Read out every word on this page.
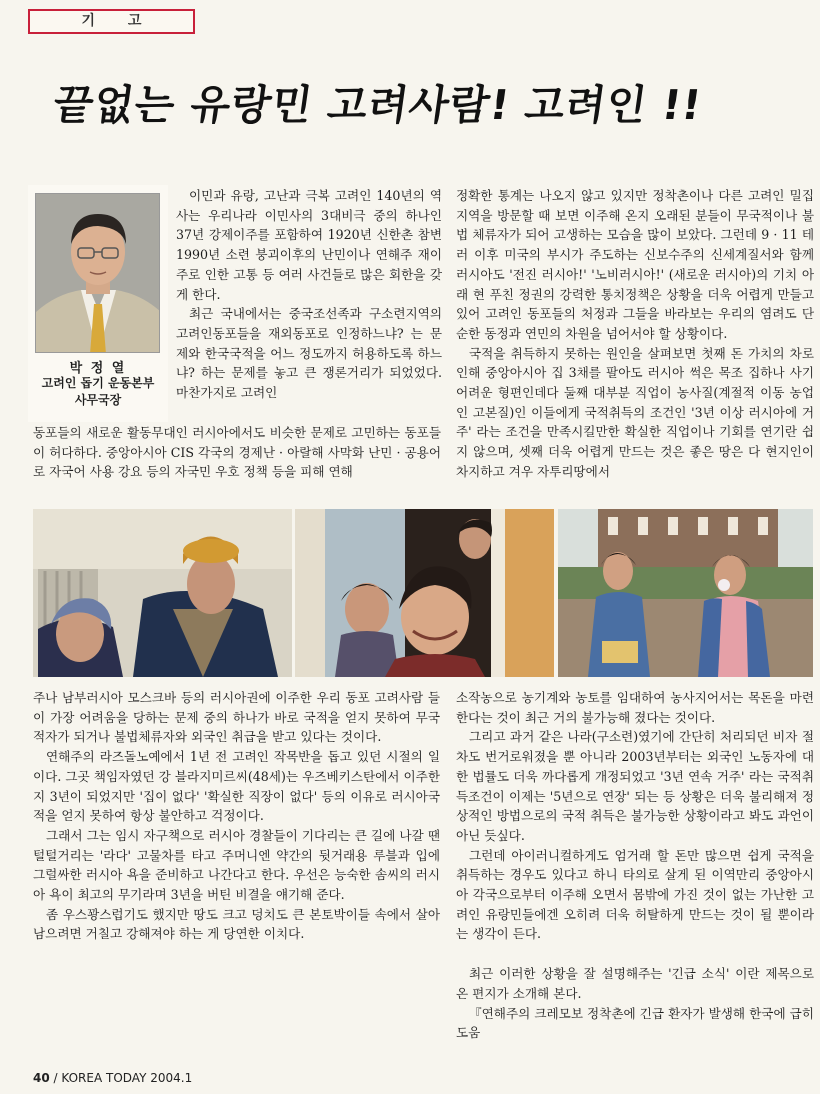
기 고
끝없는 유랑민 고려사람! 고려인 !!
박 정 열
고려인 돕기 운동본부
사무국장

이민과 유랑, 고난과 극복 고려인 140년의 역사는 우리나라 이민사의 3대비극 중의 하나인 37년 강제이주를 포함하여 1920년 신한촌 참변 1990년 소련 붕괴이후의 난민이나 연해주 재이주로 인한 고통 등 여러 사건들로 많은 회한을 갖게 한다.

최근 국내에서는 중국조선족과 구소련지역의 고려인동포들을 재외동포로 인정하느냐? 는 문제와 한국국적을 어느 정도까지 허용하도록 하느냐? 하는 문제를 놓고 큰 쟁론거리가 되었었다. 마찬가지로 고려인

동포들의 새로운 활동무대인 러시아에서도 비슷한 문제로 고민하는 동포들이 허다하다. 중앙아시아 CIS 각국의 경제난 · 아랄해 사막화 난민 · 공용어로 자국어 사용 강요 등의 자국민 우호 정책 등을 피해 연해

정확한 통계는 나오지 않고 있지만 정착촌이나 다른 고려인 밀집지역을 방문할 때 보면 이주해 온지 오래된 분들이 무국적이나 불법 체류자가 되어 고생하는 모습을 많이 보았다. 그런데 9 · 11 테러 이후 미국의 부시가 주도하는 신보수주의 신세계질서와 함께 러시아도 '전진 러시아!' '노비러시아!' (새로운 러시아)의 기치 아래 현 푸친 정권의 강력한 통치정책은 상황을 더욱 어렵게 만들고 있어 고려인 동포들의 처정과 그들을 바라보는 우리의 염려도 단순한 동정과 연민의 차원을 넘어서야 할 상황이다.

국적을 취득하지 못하는 원인을 살펴보면 첫째 돈 가치의 차로 인해 중앙아시아 집 3채를 팔아도 러시아 썩은 목조 집하나 사기 어려운 형편인데다 둘째 대부분 직업이 농사질(계절적 이동 농업인 고본질)인 이들에게 국적취득의 조건인 '3년 이상 러시아에 거주' 라는 조건을 만족시킬만한 확실한 직업이나 기회를 연기란 쉽지 않으며, 셋째 더욱 어렵게 만드는 것은 좋은 땅은 다 현지인이 차지하고 겨우 자투리땅에서

주나 남부러시아 모스크바 등의 러시아권에 이주한 우리 동포 고려사람 들이 가장 어려움을 당하는 문제 중의 하나가 바로 국적을 얻지 못하여 무국적자가 되거나 불법체류자와 외국인 취급을 받고 있다는 것이다.

연해주의 라즈돌노예에서 1년 전 고려인 작목반을 돕고 있던 시절의 일이다. 그곳 책임자였던 강 블라지미르씨(48세)는 우즈베키스탄에서 이주한지 3년이 되었지만 '집이 없다' '확실한 직장이 없다' 등의 이유로 러시아국적을 얻지 못하여 항상 불안하고 걱정이다.

그래서 그는 임시 자구책으로 러시아 경찰들이 기다리는 큰 길에 나갈 땐 털털거리는 '라다' 고물차를 타고 주머니엔 약간의 뒷거래용 루블과 입에 그럴싸한 러시아 욕을 준비하고 나간다고 한다. 우선은 능숙한 솜씨의 러시아 욕이 최고의 무기라며 3년을 버틴 비결을 얘기해 준다.

좀 우스꽝스럽기도 했지만 땅도 크고 덩치도 큰 본토박이들 속에서 살아남으려면 거칠고 강해져야 하는 게 당연한 이치다.

소작농으로 농기계와 농토를 임대하여 농사지어서는 목돈을 마련한다는 것이 최근 거의 불가능해 졌다는 것이다.

그리고 과거 같은 나라(구소련)였기에 간단히 처리되던 비자 절차도 번거로워졌을 뿐 아니라 2003년부터는 외국인 노동자에 대한 법률도 더욱 까다롭게 개정되었고 '3년 연속 거주' 라는 국적취득조건이 이제는 '5년으로 연장' 되는 등 상황은 더욱 불리해져 정상적인 방법으로의 국적 취득은 불가능한 상황이라고 봐도 과언이 아닌 듯싶다.

그런데 아이러니컬하게도 엄거래 할 돈만 많으면 쉽게 국적을 취득하는 경우도 있다고 하니 타의로 살게 된 이역만리 중앙아시아 각국으로부터 이주해 오면서 몸밖에 가진 것이 없는 가난한 고려인 유랑민들에겐 오히려 더욱 허탈하게 만드는 것이 될 뿐이라는 생각이 든다.

최근 이러한 상황을 잘 설명해주는 '긴급 소식' 이란 제목으로 온 편지가 소개해 본다.

『연해주의 크레모보 정착촌에 긴급 환자가 발생해 한국에 급히 도움

40 / KOREA TODAY 2004.1
